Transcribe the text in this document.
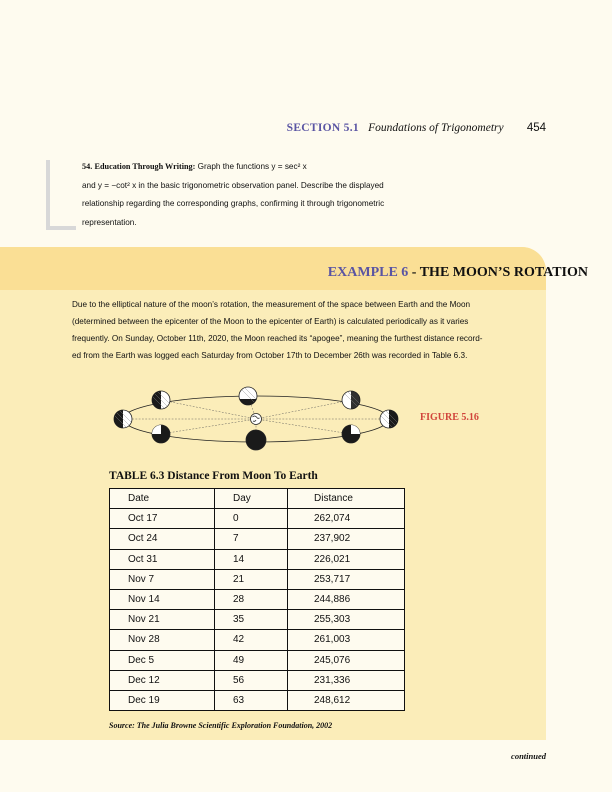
SECTION 5.1 Foundations of Trigonometry 454
54. Education Through Writing: Graph the functions y = sec² x
and y = −cot² x in the basic trigonometric observation panel. Describe the displayed
relationship regarding the corresponding graphs, confirming it through trigonometric
representation.
EXAMPLE 6 - THE MOON’S ROTATION
Due to the elliptical nature of the moon’s rotation, the measurement of the space between Earth and the Moon
(determined between the epicenter of the Moon to the epicenter of Earth) is calculated periodically as it varies
frequently. On Sunday, October 11th, 2020, the Moon reached its “apogee”, meaning the furthest distance record-
ed from the Earth was logged each Saturday from October 17th to December 26th was recorded in Table 6.3.
FIGURE 5.16
TABLE 6.3 Distance From Moon To Earth
Date	Day	Distance
Oct 17	0	262,074
Oct 24	7	237,902
Oct 31	14	226,021
Nov 7	21	253,717
Nov 14	28	244,886
Nov 21	35	255,303
Nov 28	42	261,003
Dec 5	49	245,076
Dec 12	56	231,336
Dec 19	63	248,612
Source: The Julia Browne Scientific Exploration Foundation, 2002
continued
